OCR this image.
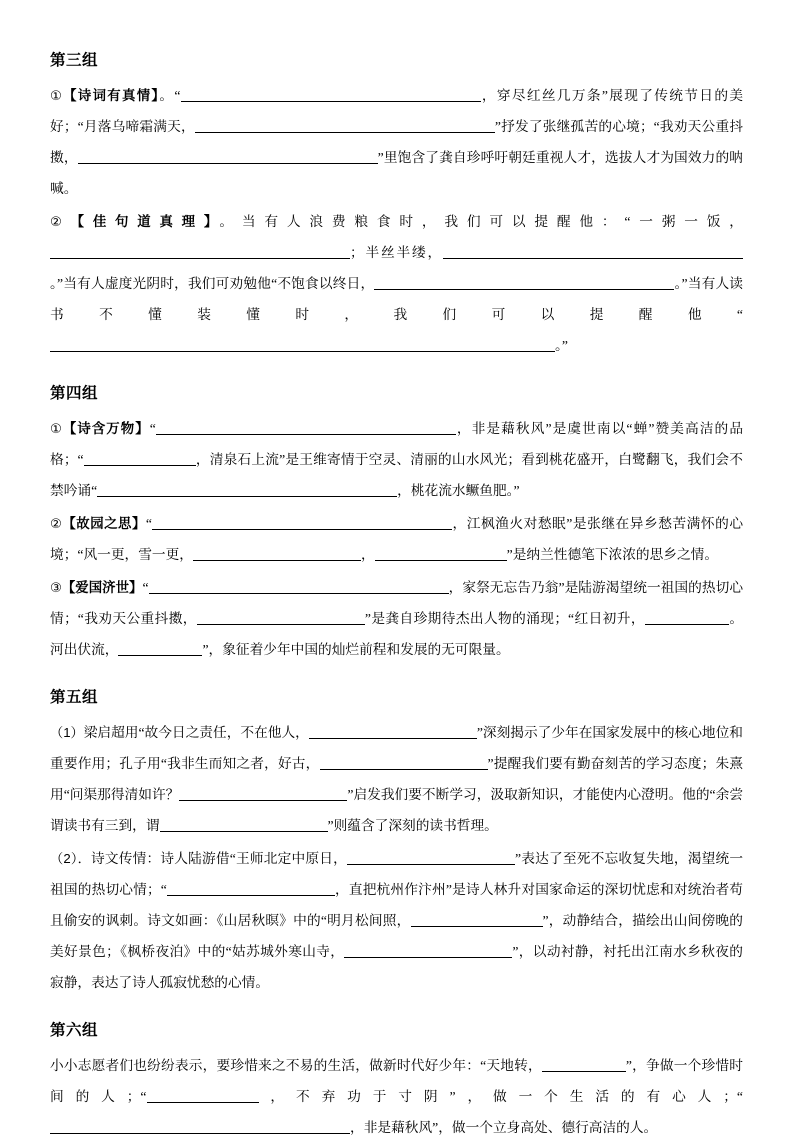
第三组
①【诗词有真情】。“	，穿尽红丝几万条”展现了传统节日的美好；“月落乌啼霜满天，	”抒发了张继孤苦的心境；“我劝天公重抖擞，	”里饱含了龚自珍呼吁朝廷重视人才，选拔人才为国效力的呐喊。
②【佳句道真理】。当有人浪费粮食时，我们可以提醒他：“一粥一饭，；半丝半缕，。”当有人虚度光阴时，我们可劝勉他“不饱食以终日，	。”当有人读书不懂装懂时，我们可以提醒他“。”
第四组
①【诗含万物】“	，非是藉秋风”是虞世南以“蝉”赞美高洁的品格；“	，清泉石上流”是王维寄情于空灵、清丽的山水风光；看到桃花盛开，白鹭翻飞，我们会不禁吟诵“	，桃花流水鳜鱼肥。”
②【故园之思】“	，江枫渔火对愁眠”是张继在异乡愁苦满怀的心境；“风一更，雪一更，	，	”是纳兰性德笔下浓浓的思乡之情。
③【爱国济世】“	，家祭无忘告乃翁”是陆游渴望统一祖国的热切心情；“我劝天公重抖擞，	”是龚自珍期待杰出人物的涌现；“红日初升，	。河出伏流，	”，象征着少年中国的灿烂前程和发展的无可限量。
第五组
（1）梁启超用“故今日之责任，不在他人，	”深刻揭示了少年在国家发展中的核心地位和重要作用；孔子用“我非生而知之者，好古，	”提醒我们要有勤奋刻苦的学习态度；朱熹用“问渠那得清如许？	”启发我们要不断学习，汲取新知识，才能使内心澄明。他的“余尝谓读书有三到，谓	”则蕴含了深刻的读书哲理。
（2）．诗文传情：诗人陆游借“王师北定中原日，	”表达了至死不忘收复失地，渴望统一祖国的热切心情；“	，直把杭州作汴州”是诗人林升对国家命运的深切忧虑和对统治者苟且偷安的讽刺。诗文如画：《山居秋暝》中的“明月松间照，	”，动静结合，描绘出山间傍晚的美好景色；《枫桥夜泊》中的“姑苏城外寒山寺，	”，以动衬静，衬托出江南水乡秋夜的寂静，表达了诗人孤寂忧愁的心情。
第六组
小小志愿者们也纷纷表示，要珍惜来之不易的生活，做新时代好少年：“天地转，	”，争做一个珍惜时间的人；“	，不弃功于寸阴”，做一个生活的有心人；“，非是藉秋风”，做一个立身高处、德行高洁的人。
